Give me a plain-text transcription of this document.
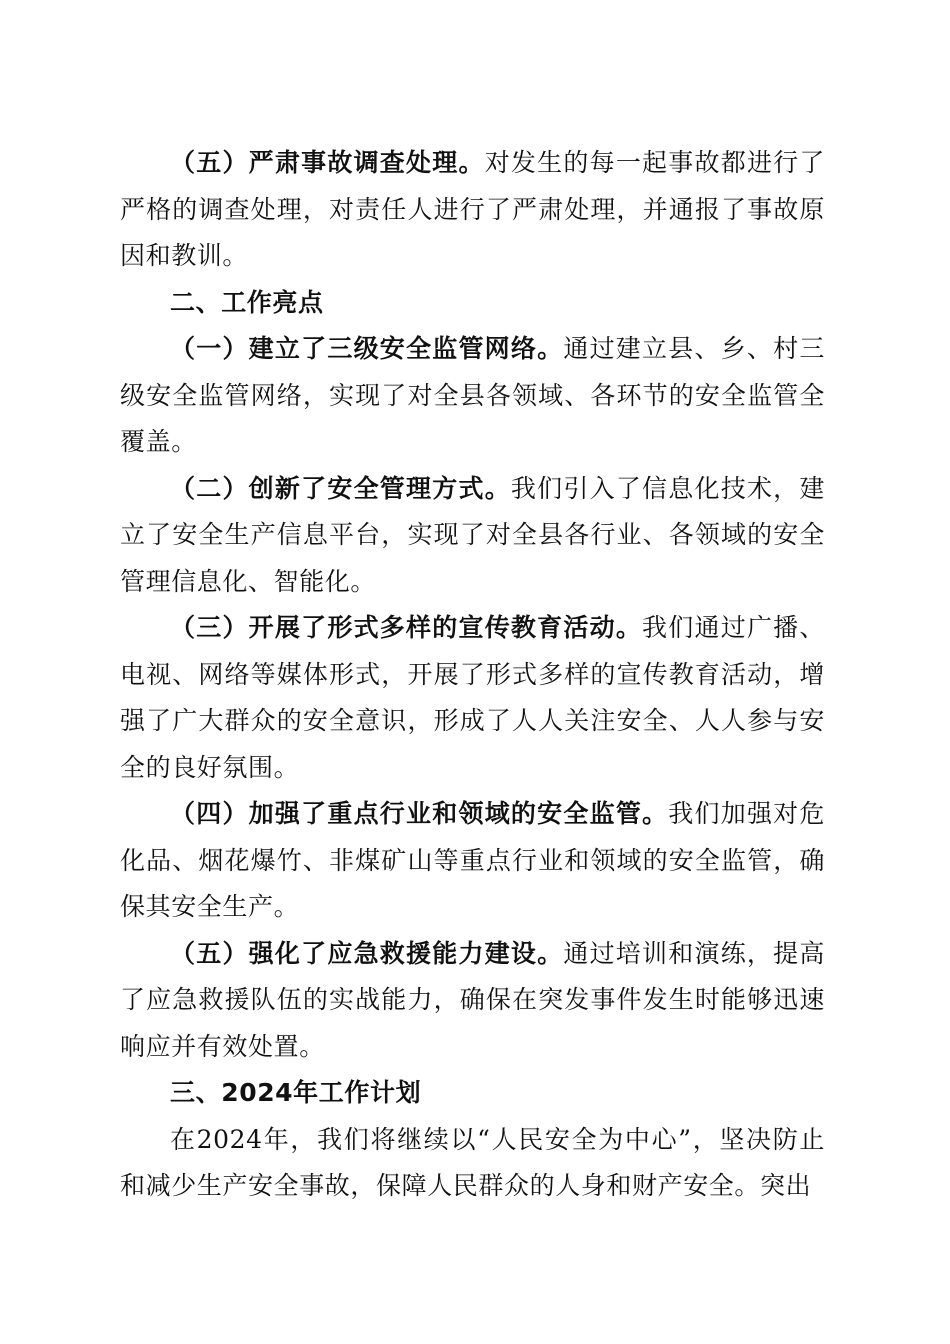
（五）严肃事故调查处理。对发生的每一起事故都进行了严格的调查处理，对责任人进行了严肃处理，并通报了事故原因和教训。

二、工作亮点

（一）建立了三级安全监管网络。通过建立县、乡、村三级安全监管网络，实现了对全县各领域、各环节的安全监管全覆盖。

（二）创新了安全管理方式。我们引入了信息化技术，建立了安全生产信息平台，实现了对全县各行业、各领域的安全管理信息化、智能化。

（三）开展了形式多样的宣传教育活动。我们通过广播、电视、网络等媒体形式，开展了形式多样的宣传教育活动，增强了广大群众的安全意识，形成了人人关注安全、人人参与安全的良好氛围。

（四）加强了重点行业和领域的安全监管。我们加强对危化品、烟花爆竹、非煤矿山等重点行业和领域的安全监管，确保其安全生产。

（五）强化了应急救援能力建设。通过培训和演练，提高了应急救援队伍的实战能力，确保在突发事件发生时能够迅速响应并有效处置。

三、2024年工作计划

在2024年，我们将继续以“人民安全为中心”，坚决防止和减少生产安全事故，保障人民群众的人身和财产安全。突出
